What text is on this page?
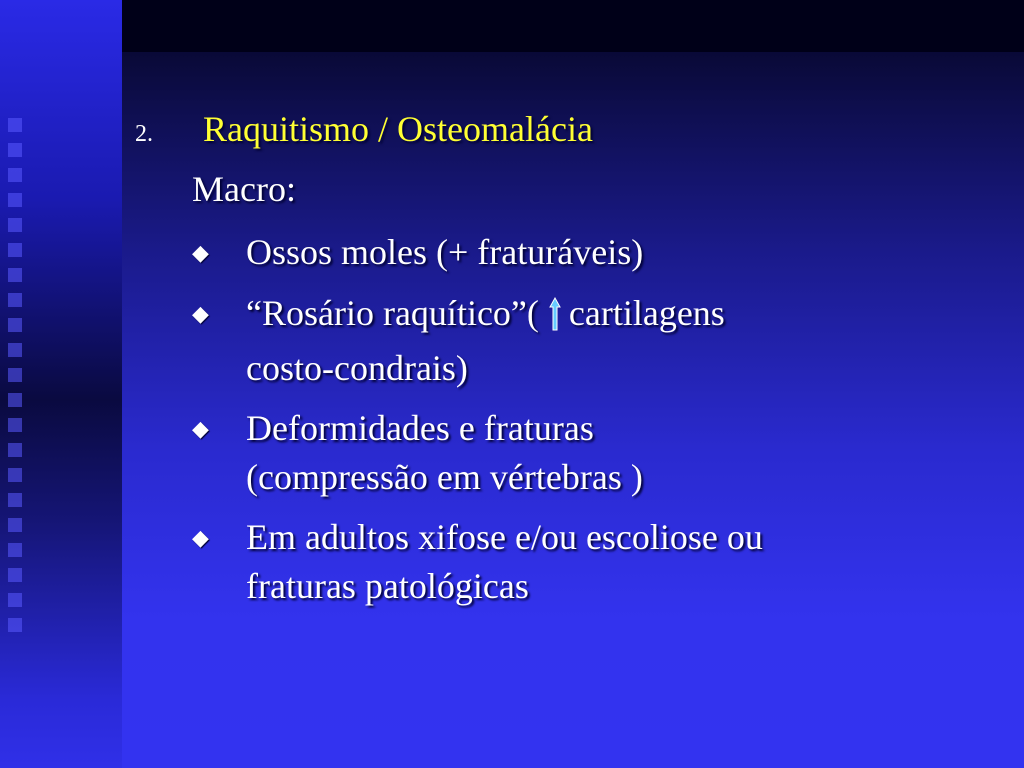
2.	Raquitismo / Osteomalácia
Macro:
◆	Ossos moles (+ fraturáveis)
◆	“Rosário raquítico”( cartilagens
costo-condrais)
◆	Deformidades e fraturas
(compressão em vértebras )
◆	Em adultos xifose e/ou escoliose ou
fraturas patológicas
